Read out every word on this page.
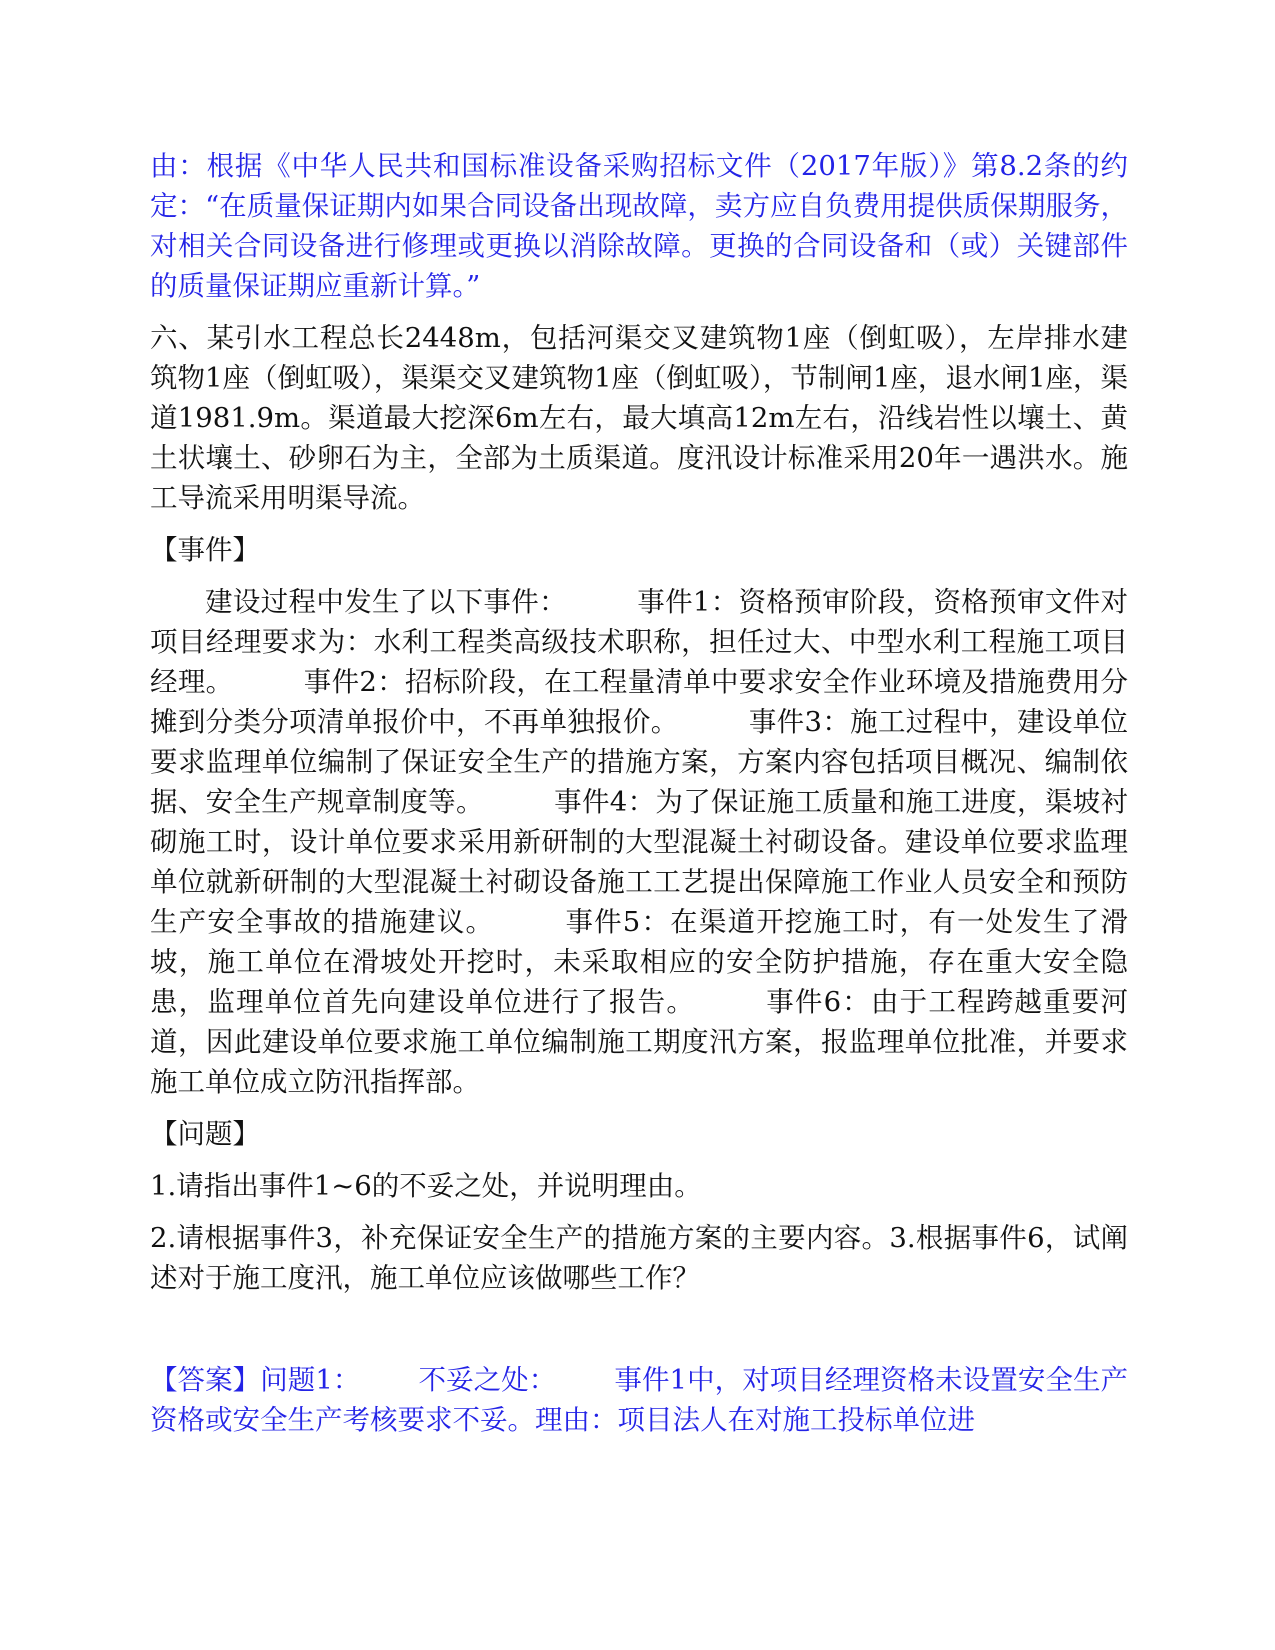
由：根据《中华人民共和国标准设备采购招标文件（2017年版）》第8.2条的约定：“在质量保证期内如果合同设备出现故障，卖方应自负费用提供质保期服务，对相关合同设备进行修理或更换以消除故障。更换的合同设备和（或）关键部件的质量保证期应重新计算。”

六、某引水工程总长2448m，包括河渠交叉建筑物1座（倒虹吸），左岸排水建筑物1座（倒虹吸），渠渠交叉建筑物1座（倒虹吸），节制闸1座，退水闸1座，渠道1981.9m。渠道最大挖深6m左右，最大填高12m左右，沿线岩性以壤土、黄土状壤土、砂卵石为主，全部为土质渠道。度汛设计标准采用20年一遇洪水。施工导流采用明渠导流。

【事件】

建设过程中发生了以下事件：	事件1：资格预审阶段，资格预审文件对项目经理要求为：水利工程类高级技术职称，担任过大、中型水利工程施工项目经理。	事件2：招标阶段，在工程量清单中要求安全作业环境及措施费用分摊到分类分项清单报价中，不再单独报价。	事件3：施工过程中，建设单位要求监理单位编制了保证安全生产的措施方案，方案内容包括项目概况、编制依据、安全生产规章制度等。	事件4：为了保证施工质量和施工进度，渠坡衬砌施工时，设计单位要求采用新研制的大型混凝土衬砌设备。建设单位要求监理单位就新研制的大型混凝土衬砌设备施工工艺提出保障施工作业人员安全和预防生产安全事故的措施建议。	事件5：在渠道开挖施工时，有一处发生了滑坡，施工单位在滑坡处开挖时，未采取相应的安全防护措施，存在重大安全隐患，监理单位首先向建设单位进行了报告。	事件6：由于工程跨越重要河道，因此建设单位要求施工单位编制施工期度汛方案，报监理单位批准，并要求施工单位成立防汛指挥部。

【问题】

1.请指出事件1~6的不妥之处，并说明理由。

2.请根据事件3，补充保证安全生产的措施方案的主要内容。3.根据事件6，试阐述对于施工度汛，施工单位应该做哪些工作？

【答案】问题1： 不妥之处： 事件1中，对项目经理资格未设置安全生产资格或安全生产考核要求不妥。理由：项目法人在对施工投标单位进
